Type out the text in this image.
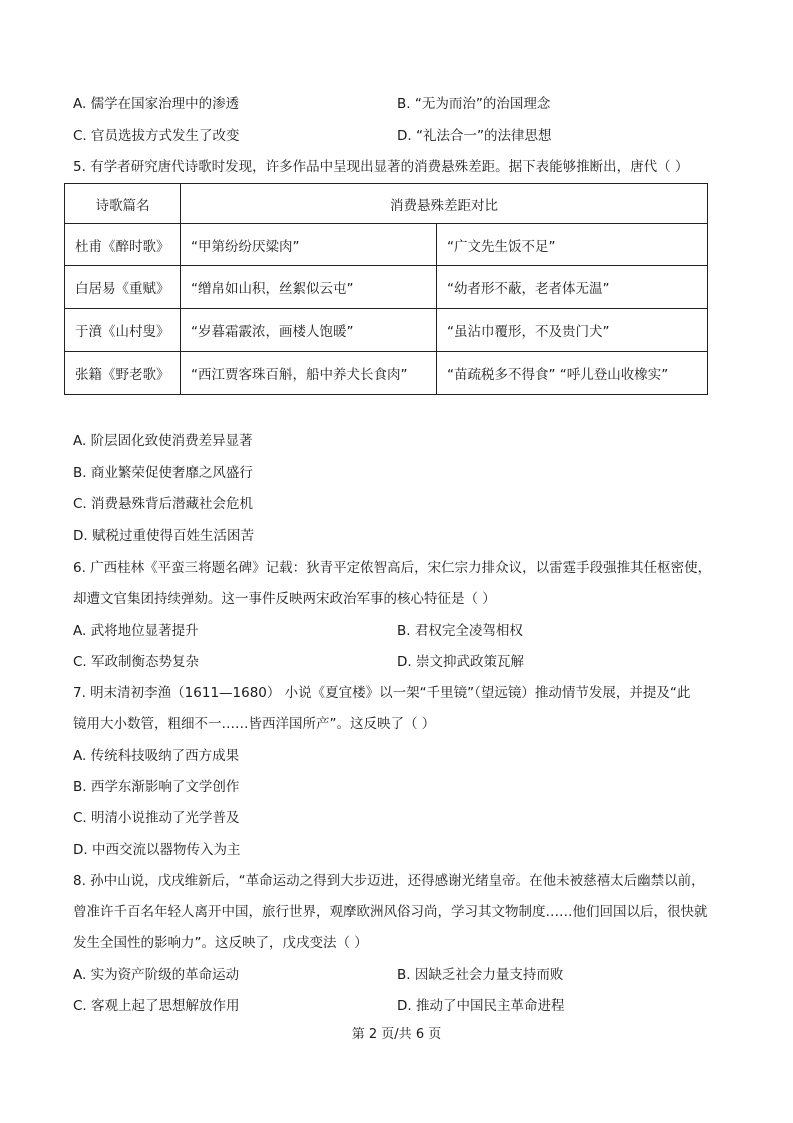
A. 儒学在国家治理中的渗透	B. “无为而治”的治国理念
C. 官员选拔方式发生了改变	D. “礼法合一”的法律思想
5. 有学者研究唐代诗歌时发现，许多作品中呈现出显著的消费悬殊差距。据下表能够推断出，唐代（ ）
诗歌篇名	消费悬殊差距对比	
杜甫《醉时歌》	“甲第纷纷厌粱肉”	“广文先生饭不足”
白居易《重赋》	“缯帛如山积，丝絮似云屯”	“幼者形不蔽，老者体无温”
于濆《山村叟》	“岁暮霜霰浓，画楼人饱暖”	“虽沾巾覆形，不及贵门犬”
张籍《野老歌》	“西江贾客珠百斛，船中养犬长食肉”	“苗疏税多不得食” “呼儿登山收橡实”
A. 阶层固化致使消费差异显著
B. 商业繁荣促使奢靡之风盛行
C. 消费悬殊背后潜藏社会危机
D. 赋税过重使得百姓生活困苦
6. 广西桂林《平蛮三将题名碑》记载：狄青平定侬智高后，宋仁宗力排众议，以雷霆手段强推其任枢密使，
却遭文官集团持续弹劾。这一事件反映两宋政治军事的核心特征是（ ）
A. 武将地位显著提升	B. 君权完全凌驾相权
C. 军政制衡态势复杂	D. 崇文抑武政策瓦解
7. 明末清初李渔（1611—1680） 小说《夏宜楼》以一架“千里镜”（望远镜）推动情节发展，并提及“此
镜用大小数管，粗细不一……皆西洋国所产”。这反映了（ ）
A. 传统科技吸纳了西方成果
B. 西学东渐影响了文学创作
C. 明清小说推动了光学普及
D. 中西交流以器物传入为主
8. 孙中山说，戊戌维新后，“革命运动之得到大步迈进，还得感谢光绪皇帝。在他未被慈禧太后幽禁以前，
曾准许千百名年轻人离开中国，旅行世界，观摩欧洲风俗习尚，学习其文物制度……他们回国以后，很快就
发生全国性的影响力”。这反映了，戊戌变法（ ）
A. 实为资产阶级的革命运动	B. 因缺乏社会力量支持而败
C. 客观上起了思想解放作用	D. 推动了中国民主革命进程
第 2 页/共 6 页
